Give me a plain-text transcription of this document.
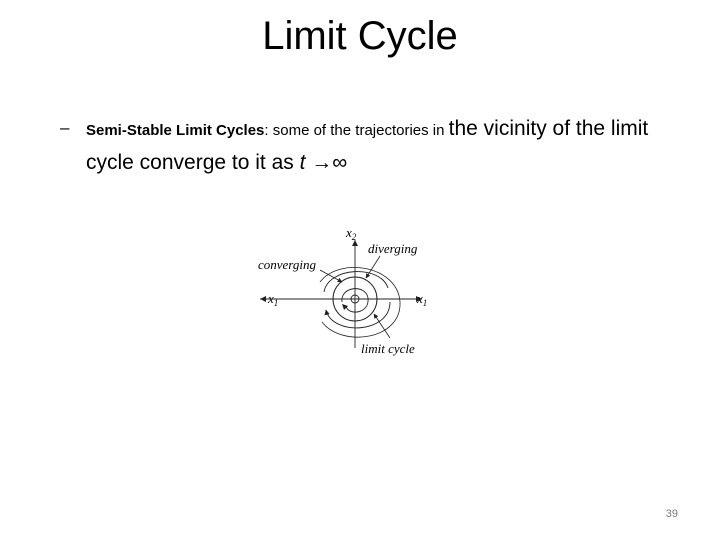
Limit Cycle
– Semi-Stable Limit Cycles: some of the trajectories in the vicinity of the limit
cycle converge to it as t →∞
$x_2$
$x_1$
$x_1$
converging
diverging
limit cycle
39
